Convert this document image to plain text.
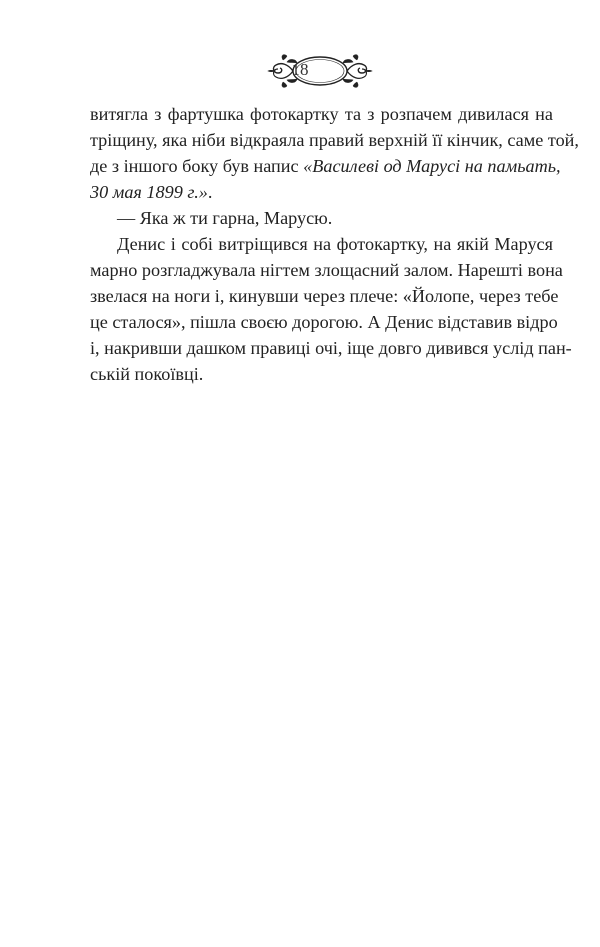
18

витягла з фартушка фотокартку та з розпачем дивилася на
тріщину, яка ніби відкраяла правий верхній її кінчик, саме той,
де з іншого боку був напис «Василеві од Марусі на памьать,
30 мая 1899 г.».

— Яка ж ти гарна, Марусю.

Денис і собі витріщився на фотокартку, на якій Маруся
марно розгладжувала нігтем злощасний залом. Нарешті вона
звелася на ноги і, кинувши через плече: «Йолопе, через тебе
це сталося», пішла своєю дорогою. А Денис відставив відро
і, накривши дашком правиці очі, іще довго дивився услід пан-
ській покоївці.
